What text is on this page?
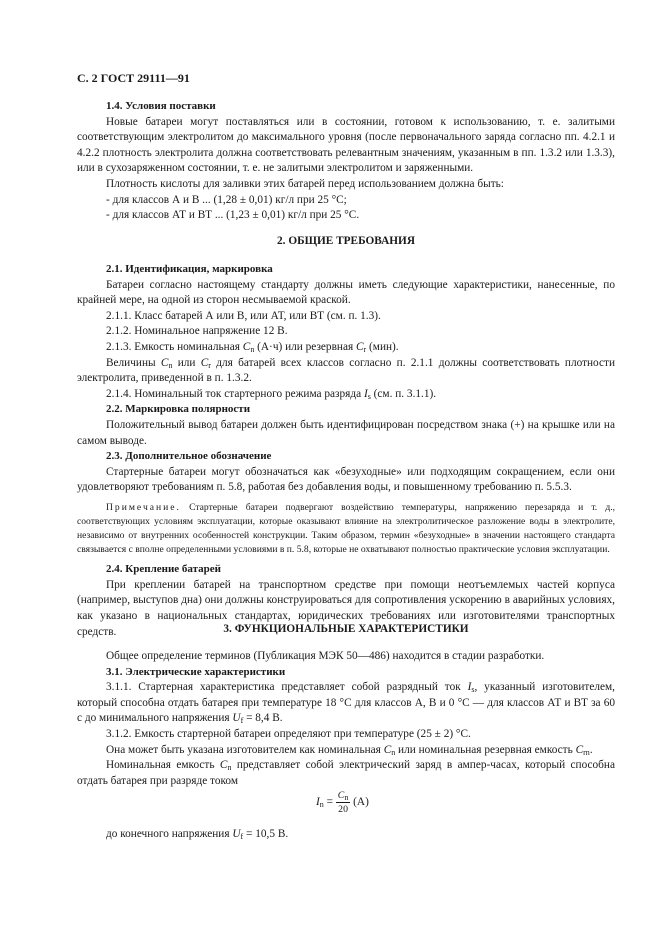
С. 2 ГОСТ 29111—91

1.4. Условия поставки

Новые батареи могут поставляться или в состоянии, готовом к использованию, т. е. залитыми соответствующим электролитом до максимального уровня (после первоначального заряда согласно пп. 4.2.1 и 4.2.2 плотность электролита должна соответствовать релевантным значениям, указанным в пп. 1.3.2 или 1.3.3), или в сухозаряженном состоянии, т. е. не залитыми электролитом и заряженными.

Плотность кислоты для заливки этих батарей перед использованием должна быть:

- для классов А и В ... (1,28 ± 0,01) кг/л при 25 °С;

- для классов АТ и ВТ ... (1,23 ± 0,01) кг/л при 25 °С.

2. ОБЩИЕ ТРЕБОВАНИЯ

2.1. Идентификация, маркировка

Батареи согласно настоящему стандарту должны иметь следующие характеристики, нанесенные, по крайней мере, на одной из сторон несмываемой краской.

2.1.1. Класс батарей А или В, или АТ, или ВТ (см. п. 1.3).

2.1.2. Номинальное напряжение 12 В.

2.1.3. Емкость номинальная $С_n$ (А·ч) или резервная $С_r$ (мин).

Величины $С_n$ или $С_r$ для батарей всех классов согласно п. 2.1.1 должны соответствовать плотности электролита, приведенной в п. 1.3.2.

2.1.4. Номинальный ток стартерного режима разряда $I_s$ (см. п. 3.1.1).

2.2. Маркировка полярности

Положительный вывод батареи должен быть идентифицирован посредством знака (+) на крышке или на самом выводе.

2.3. Дополнительное обозначение

Стартерные батареи могут обозначаться как «безуходные» или подходящим сокращением, если они удовлетворяют требованиям п. 5.8, работая без добавления воды, и повышенному требованию п. 5.5.3.

Примечание. Стартерные батареи подвергают воздействию температуры, напряжению перезаряда и т. д., соответствующих условиям эксплуатации, которые оказывают влияние на электролитическое разложение воды в электролите, независимо от внутренних особенностей конструкции. Таким образом, термин «безуходные» в значении настоящего стандарта связывается с вполне определенными условиями в п. 5.8, которые не охватывают полностью практические условия эксплуатации.

2.4. Крепление батарей

При креплении батарей на транспортном средстве при помощи неотъемлемых частей корпуса (например, выступов дна) они должны конструироваться для сопротивления ускорению в аварийных условиях, как указано в национальных стандартах, юридических требованиях или изготовителями транспортных средств.	3. ФУНКЦИОНАЛЬНЫЕ ХАРАКТЕРИСТИКИ

Общее определение терминов (Публикация МЭК 50—486) находится в стадии разработки.

3.1. Электрические характеристики

3.1.1. Стартерная характеристика представляет собой разрядный ток $I_s$, указанный изготовителем, который способна отдать батарея при температуре 18 °С для классов А, В и 0 °С — для классов АТ и ВТ за 60 с до минимального напряжения $U_f = 8,4$ В.

3.1.2. Емкость стартерной батареи определяют при температуре (25 ± 2) °С.

Она может быть указана изготовителем как номинальная $С_n$ или номинальная резервная емкость $С_{rn}$.

Номинальная емкость $С_n$ представляет собой электрический заряд в ампер-часах, который способна отдать батарея при разряде током

$I_n = \frac{C_n}{20} (A)$

до конечного напряжения $U_f = 10,5$ В.
